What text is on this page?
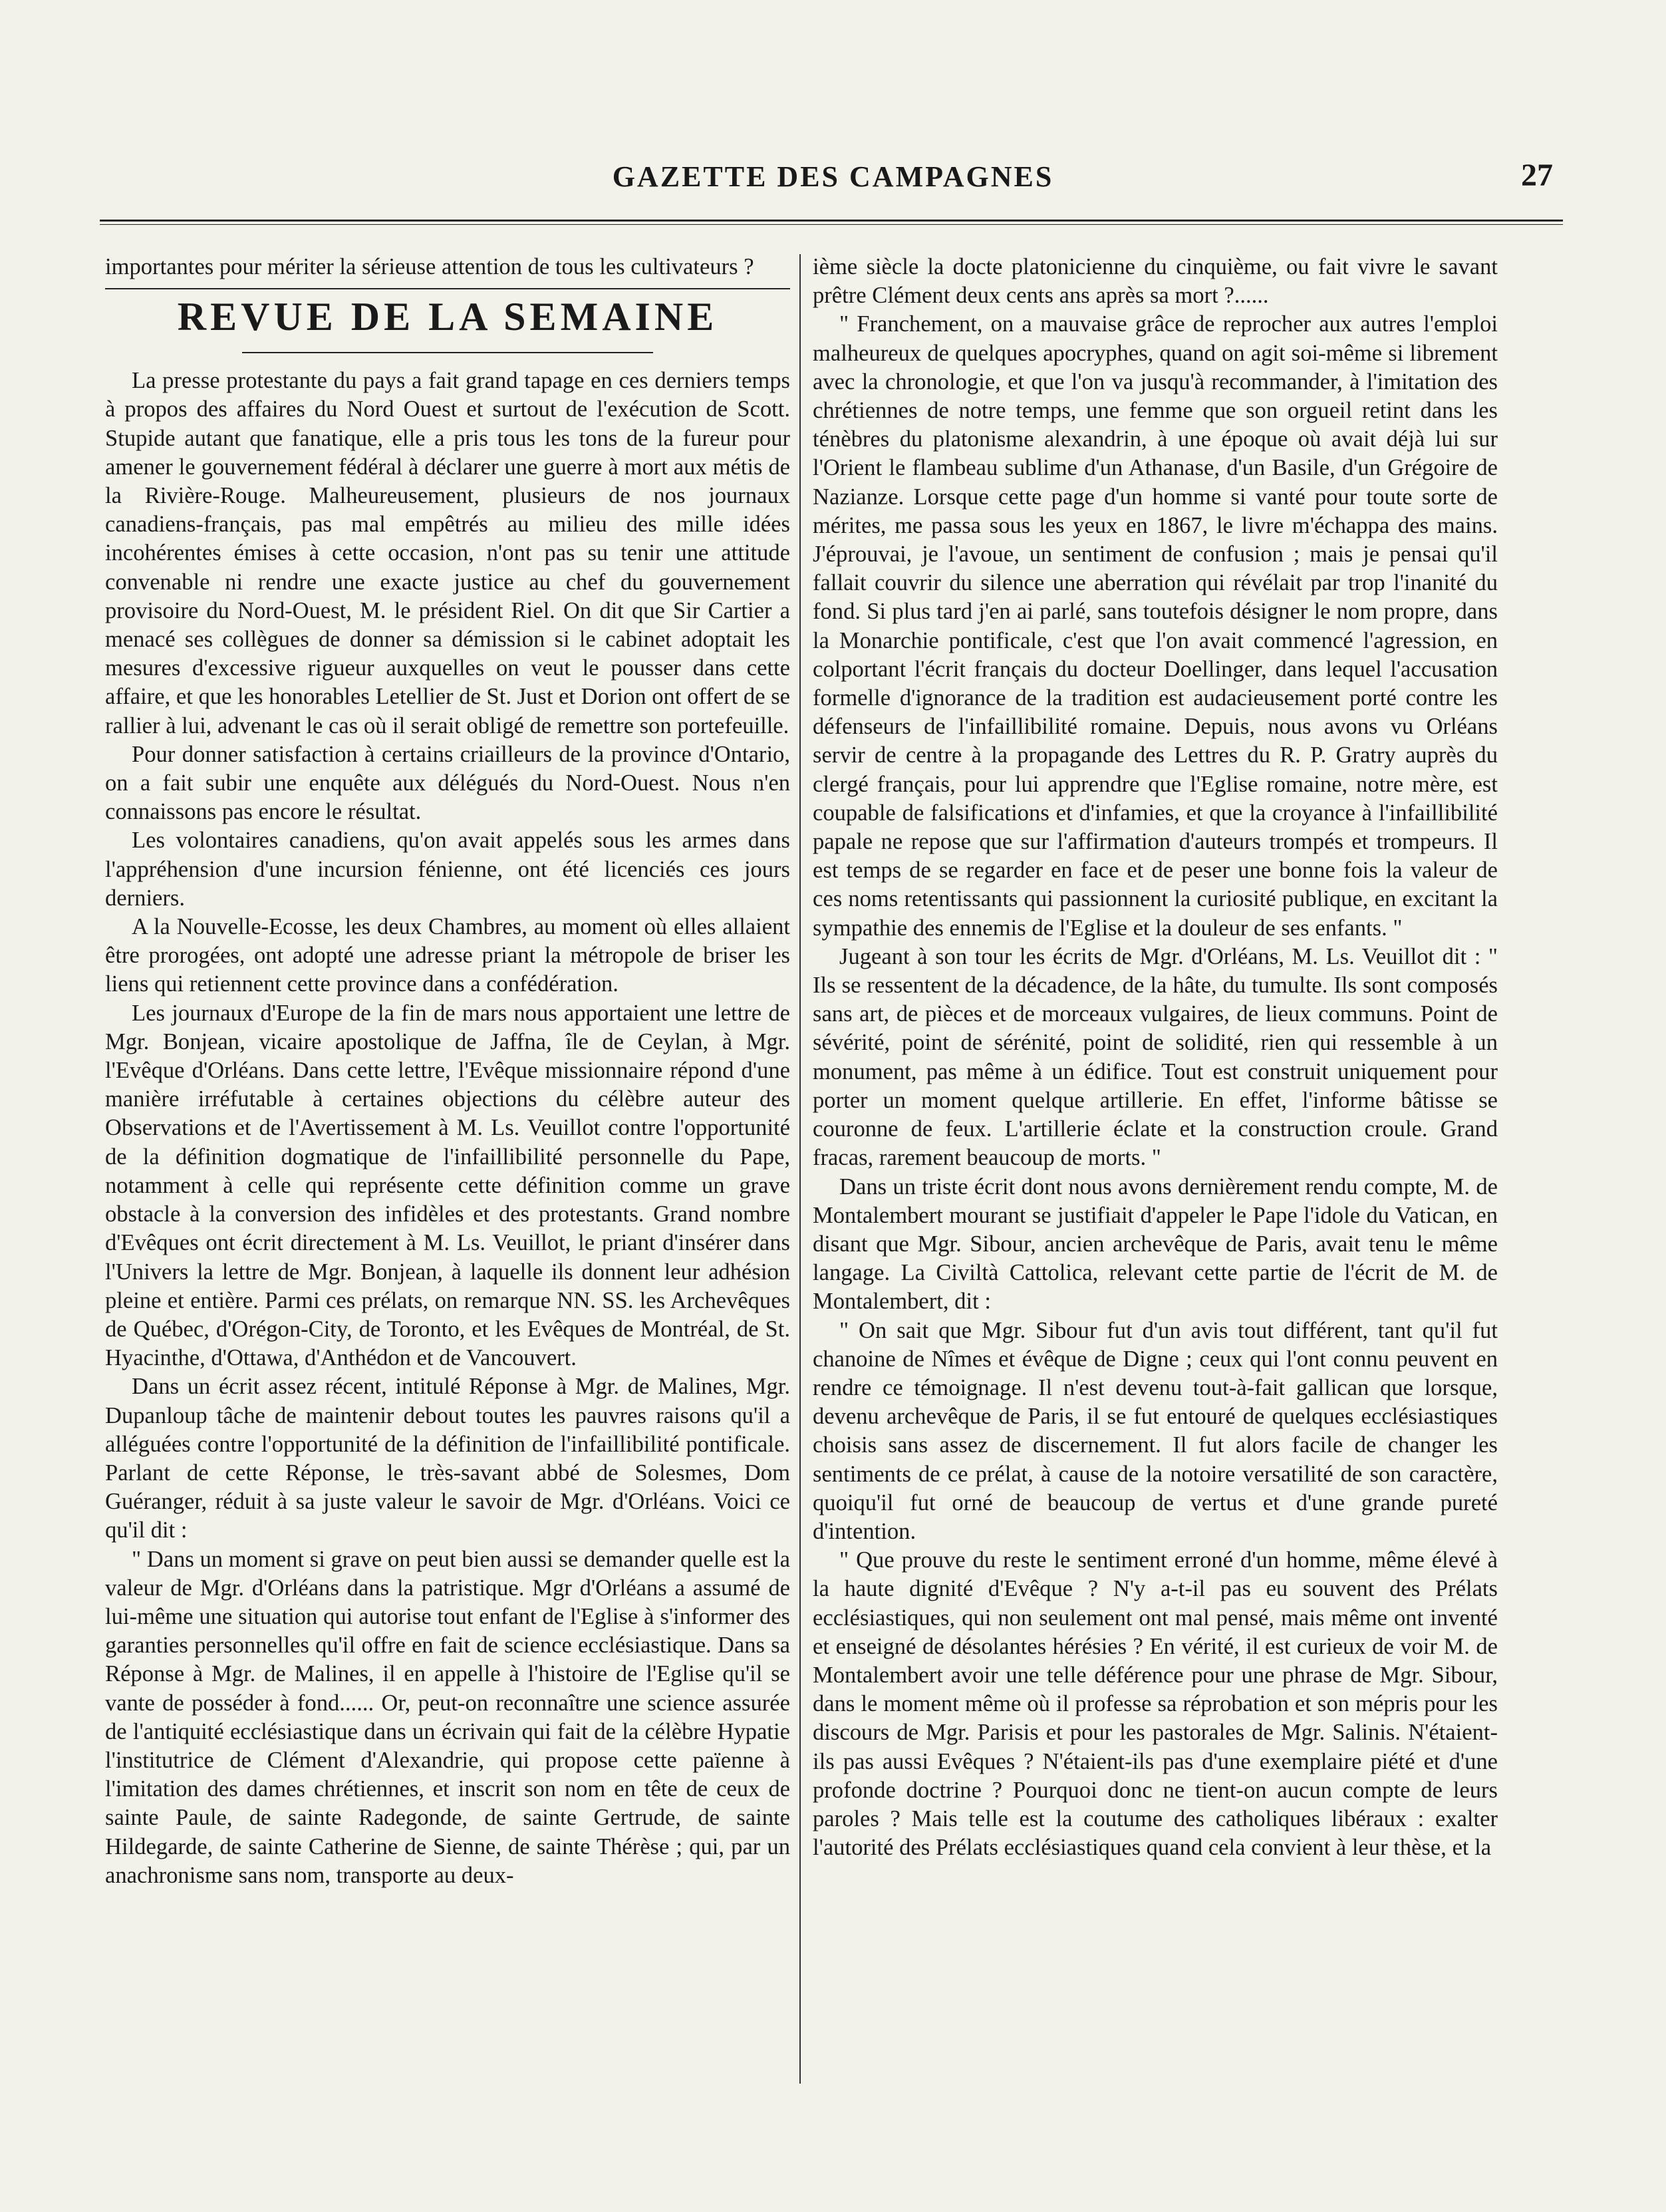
GAZETTE DES CAMPAGNES	27

importantes pour mériter la sérieuse attention de tous les cultivateurs ?

REVUE DE LA SEMAINE

La presse protestante du pays a fait grand tapage en ces derniers temps à propos des affaires du Nord Ouest et surtout de l'exécution de Scott. Stupide autant que fanatique, elle a pris tous les tons de la fureur pour amener le gouvernement fédéral à déclarer une guerre à mort aux métis de la Rivière-Rouge. Malheureusement, plusieurs de nos journaux canadiens-français, pas mal empêtrés au milieu des mille idées incohérentes émises à cette occasion, n'ont pas su tenir une attitude convenable ni rendre une exacte justice au chef du gouvernement provisoire du Nord-Ouest, M. le président Riel. On dit que Sir Cartier a menacé ses collègues de donner sa démission si le cabinet adoptait les mesures d'excessive rigueur auxquelles on veut le pousser dans cette affaire, et que les honorables Letellier de St. Just et Dorion ont offert de se rallier à lui, advenant le cas où il serait obligé de remettre son portefeuille.

Pour donner satisfaction à certains criailleurs de la province d'Ontario, on a fait subir une enquête aux délégués du Nord-Ouest. Nous n'en connaissons pas encore le résultat.

Les volontaires canadiens, qu'on avait appelés sous les armes dans l'appréhension d'une incursion fénienne, ont été licenciés ces jours derniers.

A la Nouvelle-Ecosse, les deux Chambres, au moment où elles allaient être prorogées, ont adopté une adresse priant la métropole de briser les liens qui retiennent cette province dans a confédération.

Les journaux d'Europe de la fin de mars nous apportaient une lettre de Mgr. Bonjean, vicaire apostolique de Jaffna, île de Ceylan, à Mgr. l'Evêque d'Orléans. Dans cette lettre, l'Evêque missionnaire répond d'une manière irréfutable à certaines objections du célèbre auteur des Observations et de l'Avertissement à M. Ls. Veuillot contre l'opportunité de la définition dogmatique de l'infaillibilité personnelle du Pape, notamment à celle qui représente cette définition comme un grave obstacle à la conversion des infidèles et des protestants. Grand nombre d'Evêques ont écrit directement à M. Ls. Veuillot, le priant d'insérer dans l'Univers la lettre de Mgr. Bonjean, à laquelle ils donnent leur adhésion pleine et entière. Parmi ces prélats, on remarque NN. SS. les Archevêques de Québec, d'Orégon-City, de Toronto, et les Evêques de Montréal, de St. Hyacinthe, d'Ottawa, d'Anthédon et de Vancouvert.

Dans un écrit assez récent, intitulé Réponse à Mgr. de Malines, Mgr. Dupanloup tâche de maintenir debout toutes les pauvres raisons qu'il a alléguées contre l'opportunité de la définition de l'infaillibilité pontificale. Parlant de cette Réponse, le très-savant abbé de Solesmes, Dom Guéranger, réduit à sa juste valeur le savoir de Mgr. d'Orléans. Voici ce qu'il dit :

" Dans un moment si grave on peut bien aussi se demander quelle est la valeur de Mgr. d'Orléans dans la patristique. Mgr d'Orléans a assumé de lui-même une situation qui autorise tout enfant de l'Eglise à s'informer des garanties personnelles qu'il offre en fait de science ecclésiastique. Dans sa Réponse à Mgr. de Malines, il en appelle à l'histoire de l'Eglise qu'il se vante de posséder à fond...... Or, peut-on reconnaître une science assurée de l'antiquité ecclésiastique dans un écrivain qui fait de la célèbre Hypatie l'institutrice de Clément d'Alexandrie, qui propose cette païenne à l'imitation des dames chrétiennes, et inscrit son nom en tête de ceux de sainte Paule, de sainte Radegonde, de sainte Gertrude, de sainte Hildegarde, de sainte Catherine de Sienne, de sainte Thérèse ; qui, par un anachronisme sans nom, transporte au deux-

ième siècle la docte platonicienne du cinquième, ou fait vivre le savant prêtre Clément deux cents ans après sa mort ?......

" Franchement, on a mauvaise grâce de reprocher aux autres l'emploi malheureux de quelques apocryphes, quand on agit soi-même si librement avec la chronologie, et que l'on va jusqu'à recommander, à l'imitation des chrétiennes de notre temps, une femme que son orgueil retint dans les ténèbres du platonisme alexandrin, à une époque où avait déjà lui sur l'Orient le flambeau sublime d'un Athanase, d'un Basile, d'un Grégoire de Nazianze. Lorsque cette page d'un homme si vanté pour toute sorte de mérites, me passa sous les yeux en 1867, le livre m'échappa des mains. J'éprouvai, je l'avoue, un sentiment de confusion ; mais je pensai qu'il fallait couvrir du silence une aberration qui révélait par trop l'inanité du fond. Si plus tard j'en ai parlé, sans toutefois désigner le nom propre, dans la Monarchie pontificale, c'est que l'on avait commencé l'agression, en colportant l'écrit français du docteur Doellinger, dans lequel l'accusation formelle d'ignorance de la tradition est audacieusement porté contre les défenseurs de l'infaillibilité romaine. Depuis, nous avons vu Orléans servir de centre à la propagande des Lettres du R. P. Gratry auprès du clergé français, pour lui apprendre que l'Eglise romaine, notre mère, est coupable de falsifications et d'infamies, et que la croyance à l'infaillibilité papale ne repose que sur l'affirmation d'auteurs trompés et trompeurs. Il est temps de se regarder en face et de peser une bonne fois la valeur de ces noms retentissants qui passionnent la curiosité publique, en excitant la sympathie des ennemis de l'Eglise et la douleur de ses enfants. "

Jugeant à son tour les écrits de Mgr. d'Orléans, M. Ls. Veuillot dit : " Ils se ressentent de la décadence, de la hâte, du tumulte. Ils sont composés sans art, de pièces et de morceaux vulgaires, de lieux communs. Point de sévérité, point de sérénité, point de solidité, rien qui ressemble à un monument, pas même à un édifice. Tout est construit uniquement pour porter un moment quelque artillerie. En effet, l'informe bâtisse se couronne de feux. L'artillerie éclate et la construction croule. Grand fracas, rarement beaucoup de morts. "

Dans un triste écrit dont nous avons dernièrement rendu compte, M. de Montalembert mourant se justifiait d'appeler le Pape l'idole du Vatican, en disant que Mgr. Sibour, ancien archevêque de Paris, avait tenu le même langage. La Civiltà Cattolica, relevant cette partie de l'écrit de M. de Montalembert, dit :

" On sait que Mgr. Sibour fut d'un avis tout différent, tant qu'il fut chanoine de Nîmes et évêque de Digne ; ceux qui l'ont connu peuvent en rendre ce témoignage. Il n'est devenu tout-à-fait gallican que lorsque, devenu archevêque de Paris, il se fut entouré de quelques ecclésiastiques choisis sans assez de discernement. Il fut alors facile de changer les sentiments de ce prélat, à cause de la notoire versatilité de son caractère, quoiqu'il fut orné de beaucoup de vertus et d'une grande pureté d'intention.

" Que prouve du reste le sentiment erroné d'un homme, même élevé à la haute dignité d'Evêque ? N'y a-t-il pas eu souvent des Prélats ecclésiastiques, qui non seulement ont mal pensé, mais même ont inventé et enseigné de désolantes hérésies ? En vérité, il est curieux de voir M. de Montalembert avoir une telle déférence pour une phrase de Mgr. Sibour, dans le moment même où il professe sa réprobation et son mépris pour les discours de Mgr. Parisis et pour les pastorales de Mgr. Salinis. N'étaient-ils pas aussi Evêques ? N'étaient-ils pas d'une exemplaire piété et d'une profonde doctrine ? Pourquoi donc ne tient-on aucun compte de leurs paroles ? Mais telle est la coutume des catholiques libéraux : exalter l'autorité des Prélats ecclésiastiques quand cela convient à leur thèse, et la
